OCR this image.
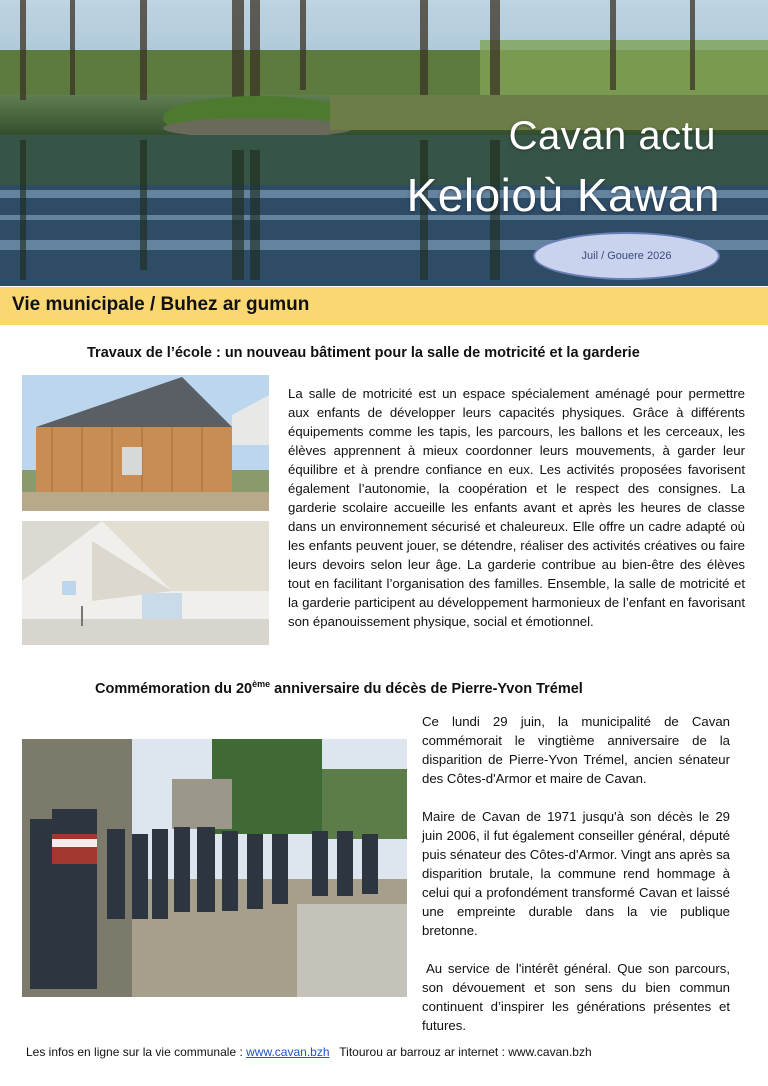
Cavan actu
Keloioù Kawan
Juil / Gouere 2026
Vie municipale / Buhez ar gumun
Travaux de l’école : un nouveau bâtiment pour la salle de motricité et la garderie
La salle de motricité est un espace spécialement aménagé pour permettre aux enfants de développer leurs capacités physiques. Grâce à différents équipements comme les tapis, les parcours, les ballons et les cerceaux, les élèves apprennent à mieux coordonner leurs mouvements, à garder leur équilibre et à prendre confiance en eux. Les activités proposées favorisent également l’autonomie, la coopération et le respect des consignes. La garderie scolaire accueille les enfants avant et après les heures de classe dans un environnement sécurisé et chaleureux. Elle offre un cadre adapté où les enfants peuvent jouer, se détendre, réaliser des activités créatives ou faire leurs devoirs selon leur âge. La garderie contribue au bien-être des élèves tout en facilitant l’organisation des familles. Ensemble, la salle de motricité et la garderie participent au développement harmonieux de l’enfant en favorisant son épanouissement physique, social et émotionnel.
Commémoration du 20ème anniversaire du décès de Pierre-Yvon Trémel

Ce lundi 29 juin, la municipalité de Cavan commémorait le vingtième anniversaire de la disparition de Pierre-Yvon Trémel, ancien sénateur des Côtes-d'Armor et maire de Cavan.

Maire de Cavan de 1971 jusqu'à son décès le 29 juin 2006, il fut également conseiller général, député puis sénateur des Côtes-d'Armor. Vingt ans après sa disparition brutale, la commune rend hommage à celui qui a profondément transformé Cavan et laissé une empreinte durable dans la vie publique bretonne.

Au service de l'intérêt général. Que son parcours, son dévouement et son sens du bien commun continuent d’inspirer les générations présentes et futures.

Les infos en ligne sur la vie communale : www.cavan.bzh   Titourou ar barrouz ar internet : www.cavan.bzh
